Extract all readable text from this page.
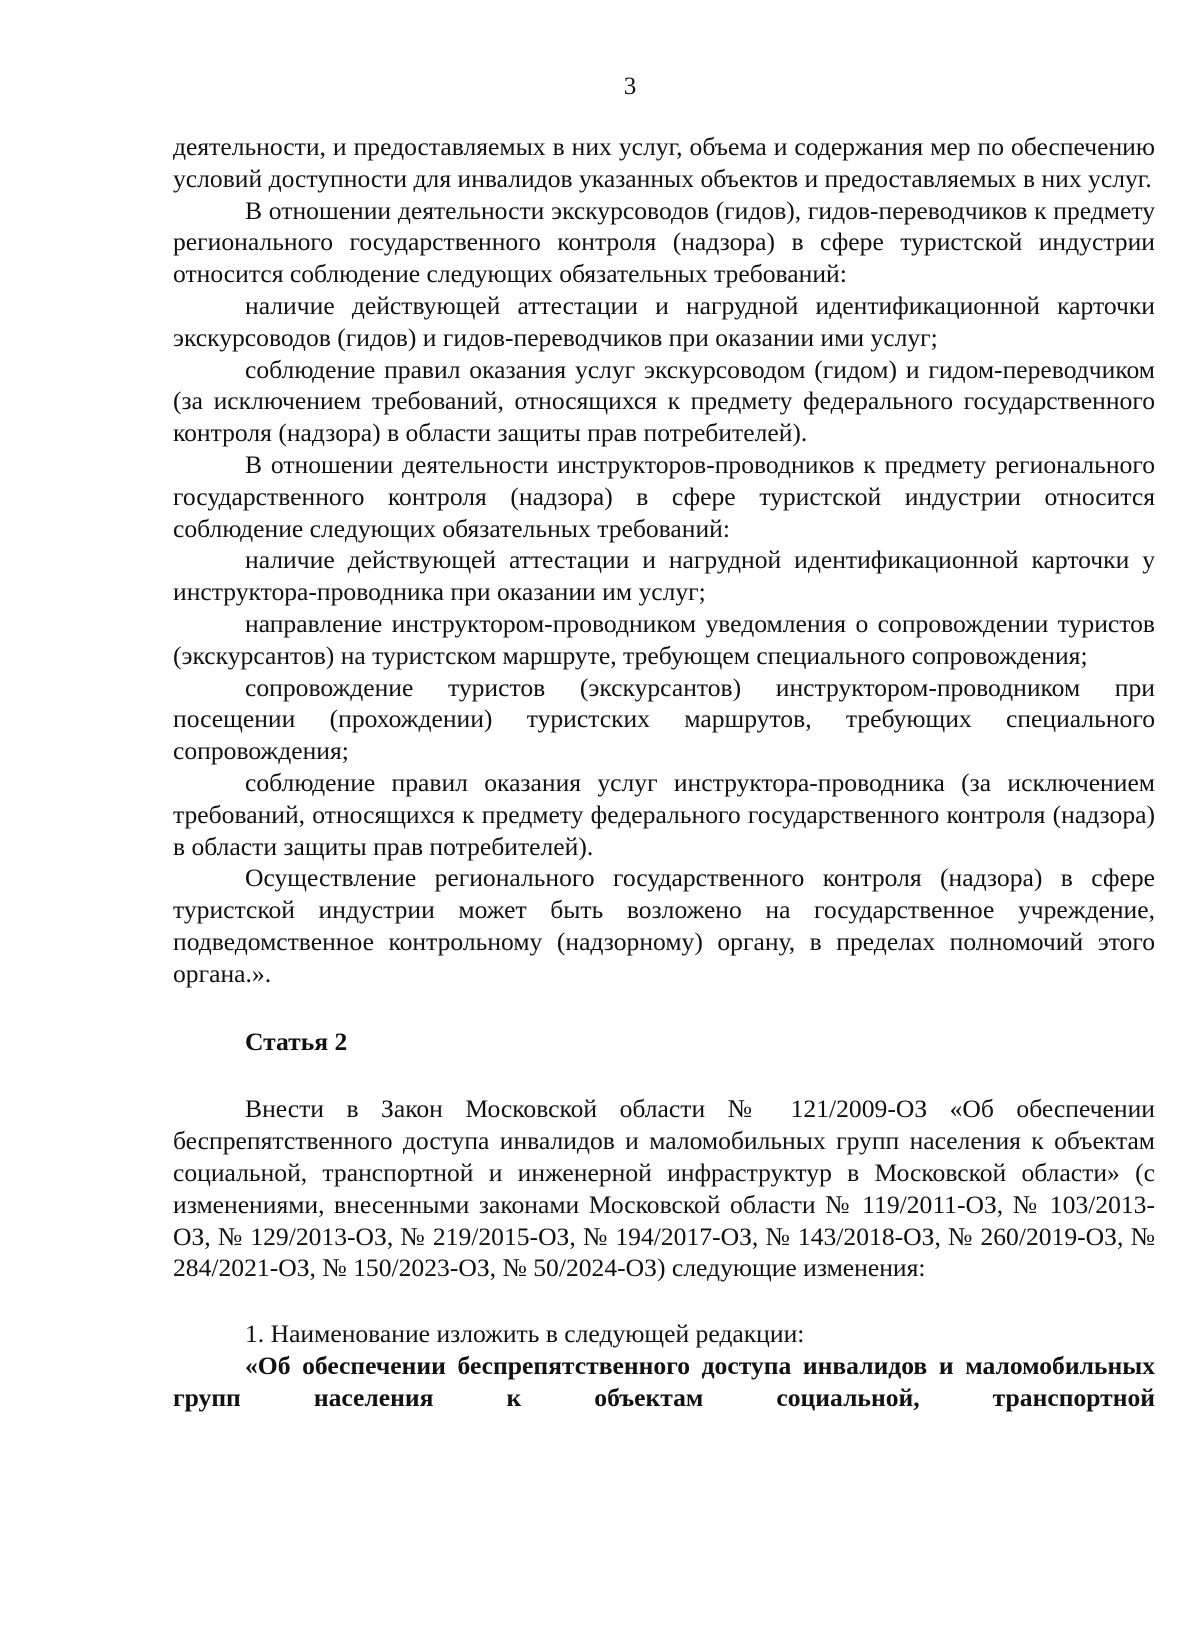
3

деятельности, и предоставляемых в них услуг, объема и содержания мер по обеспечению условий доступности для инвалидов указанных объектов и предоставляемых в них услуг.

В отношении деятельности экскурсоводов (гидов), гидов-переводчиков к предмету регионального государственного контроля (надзора) в сфере туристской индустрии относится соблюдение следующих обязательных требований:

наличие действующей аттестации и нагрудной идентификационной карточки экскурсоводов (гидов) и гидов-переводчиков при оказании ими услуг;

соблюдение правил оказания услуг экскурсоводом (гидом) и гидом-переводчиком (за исключением требований, относящихся к предмету федерального государственного контроля (надзора) в области защиты прав потребителей).

В отношении деятельности инструкторов-проводников к предмету регионального государственного контроля (надзора) в сфере туристской индустрии относится соблюдение следующих обязательных требований:

наличие действующей аттестации и нагрудной идентификационной карточки у инструктора-проводника при оказании им услуг;

направление инструктором-проводником уведомления о сопровождении туристов (экскурсантов) на туристском маршруте, требующем специального сопровождения;

сопровождение туристов (экскурсантов) инструктором-проводником при посещении (прохождении) туристских маршрутов, требующих специального сопровождения;

соблюдение правил оказания услуг инструктора-проводника (за исключением требований, относящихся к предмету федерального государственного контроля (надзора) в области защиты прав потребителей).

Осуществление регионального государственного контроля (надзора) в сфере туристской индустрии может быть возложено на государственное учреждение, подведомственное контрольному (надзорному) органу, в пределах полномочий этого органа.».

Статья 2

Внести в Закон Московской области № 121/2009-ОЗ «Об обеспечении беспрепятственного доступа инвалидов и маломобильных групп населения к объектам социальной, транспортной и инженерной инфраструктур в Московской области» (с изменениями, внесенными законами Московской области № 119/2011-ОЗ, № 103/2013-ОЗ, № 129/2013-ОЗ, № 219/2015-ОЗ, № 194/2017-ОЗ, № 143/2018-ОЗ, № 260/2019-ОЗ, № 284/2021-ОЗ, № 150/2023-ОЗ, № 50/2024-ОЗ) следующие изменения:

1. Наименование изложить в следующей редакции:

«Об обеспечении беспрепятственного доступа инвалидов и маломобильных групп населения к объектам социальной, транспортной
